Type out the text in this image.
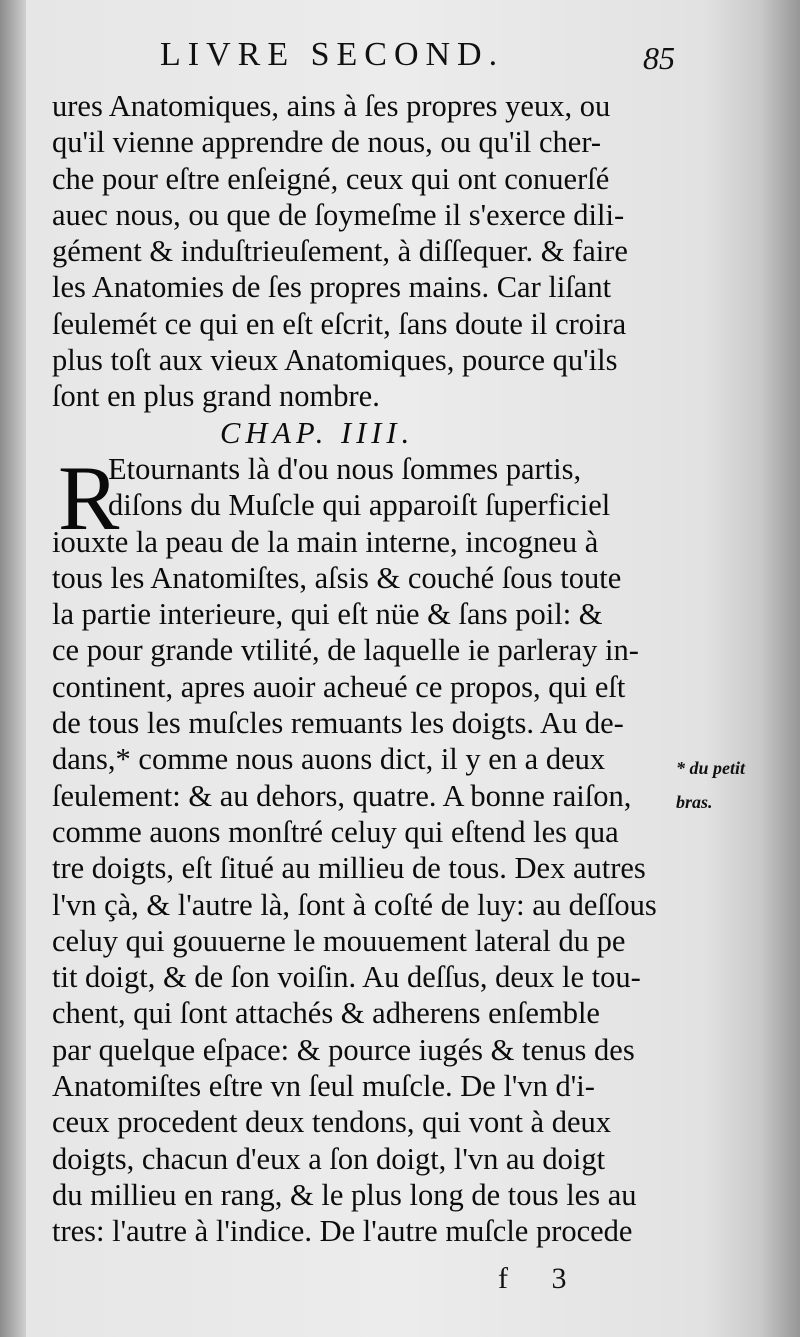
LIVRE SECOND.	85
ures Anatomiques, ains à ſes propres yeux, ou
qu'il vienne apprendre de nous, ou qu'il cher-
che pour eſtre enſeigné, ceux qui ont conuerſé
auec nous, ou que de ſoymeſme il s'exerce dili-
gément & induſtrieuſement, à diſſequer. & faire
les Anatomies de ſes propres mains. Car liſant
ſeulemét ce qui en eſt eſcrit, ſans doute il croira
plus toſt aux vieux Anatomiques, pource qu'ils
ſont en plus grand nombre.
CHAP. IIII.
Etournants là d'ou nous ſommes partis,
diſons du Muſcle qui apparoiſt ſuperficiel
iouxte la peau de la main interne, incogneu à
tous les Anatomiſtes, aſsis & couché ſous toute
la partie interieure, qui eſt nüe & ſans poil: &
ce pour grande vtilité, de laquelle ie parleray in-
continent, apres auoir acheué ce propos, qui eſt
de tous les muſcles remuants les doigts. Au de-
dans,* comme nous auons dict, il y en a deux
ſeulement: & au dehors, quatre. A bonne raiſon,
comme auons monſtré celuy qui eſtend les qua
tre doigts, eſt ſitué au millieu de tous. Dex autres
l'vn çà, & l'autre là, ſont à coſté de luy: au deſſous
celuy qui gouuerne le mouuement lateral du pe
tit doigt, & de ſon voiſin. Au deſſus, deux le tou-
chent, qui ſont attachés & adherens enſemble
par quelque eſpace: & pource iugés & tenus des
Anatomiſtes eſtre vn ſeul muſcle. De l'vn d'i-
ceux procedent deux tendons, qui vont à deux
doigts, chacun d'eux a ſon doigt, l'vn au doigt
du millieu en rang, & le plus long de tous les au
tres: l'autre à l'indice. De l'autre muſcle procede
R
* du petit
bras.
f 3
